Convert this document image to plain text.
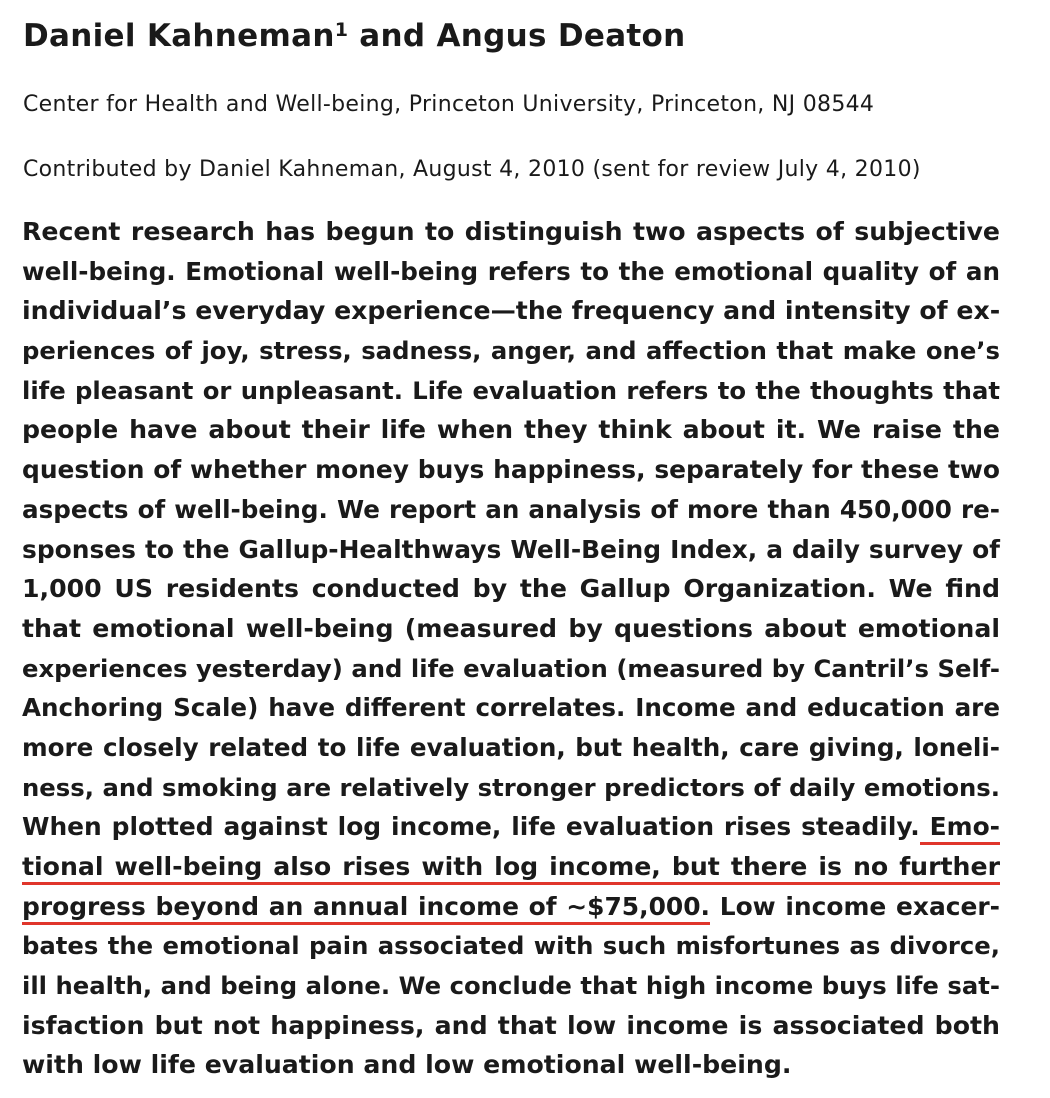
Daniel Kahneman$^1$ and Angus Deaton
Center for Health and Well-being, Princeton University, Princeton, NJ 08544
Contributed by Daniel Kahneman, August 4, 2010 (sent for review July 4, 2010)
Recent research has begun to distinguish two aspects of subjective
well-being. Emotional well-being refers to the emotional quality of an
individual’s everyday experience—the frequency and intensity of ex-
periences of joy, stress, sadness, anger, and affection that make one’s
life pleasant or unpleasant. Life evaluation refers to the thoughts that
people have about their life when they think about it. We raise the
question of whether money buys happiness, separately for these two
aspects of well-being. We report an analysis of more than 450,000 re-
sponses to the Gallup-Healthways Well-Being Index, a daily survey of
1,000 US residents conducted by the Gallup Organization. We find
that emotional well-being (measured by questions about emotional
experiences yesterday) and life evaluation (measured by Cantril’s Self-
Anchoring Scale) have different correlates. Income and education are
more closely related to life evaluation, but health, care giving, loneli-
ness, and smoking are relatively stronger predictors of daily emotions.
When plotted against log income, life evaluation rises steadily. Emo-
tional well-being also rises with log income, but there is no further
progress beyond an annual income of ~$75,000. Low income exacer-
bates the emotional pain associated with such misfortunes as divorce,
ill health, and being alone. We conclude that high income buys life sat-
isfaction but not happiness, and that low income is associated both
with low life evaluation and low emotional well-being.
